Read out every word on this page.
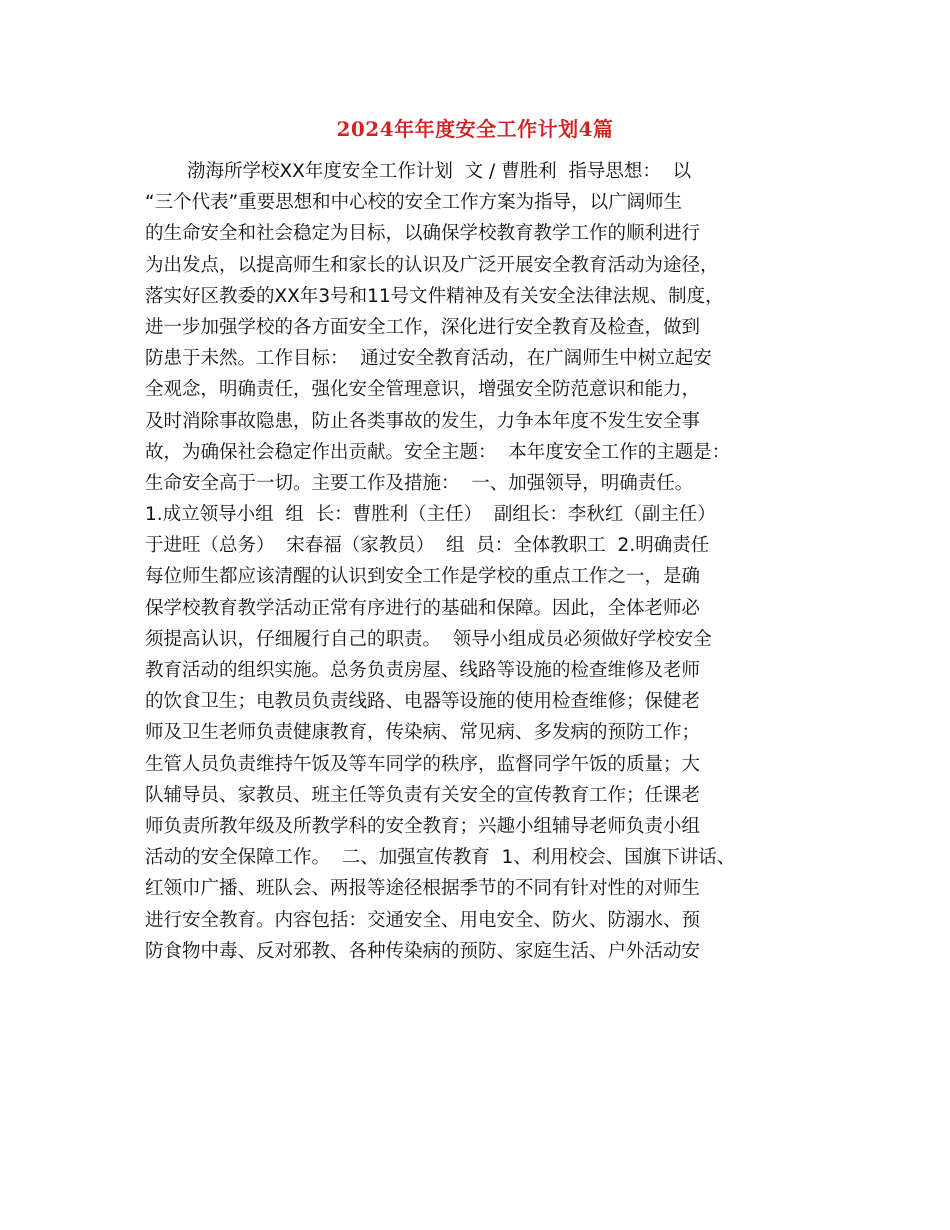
2024年年度安全工作计划4篇
渤海所学校XX年度安全工作计划  文 / 曹胜利  指导思想：  以
“三个代表”重要思想和中心校的安全工作方案为指导，以广阔师生
的生命安全和社会稳定为目标，以确保学校教育教学工作的顺利进行
为出发点，以提高师生和家长的认识及广泛开展安全教育活动为途径，
落实好区教委的XX年3号和11号文件精神及有关安全法律法规、制度，
进一步加强学校的各方面安全工作，深化进行安全教育及检查，做到
防患于未然。工作目标：  通过安全教育活动，在广阔师生中树立起安
全观念，明确责任，强化安全管理意识，增强安全防范意识和能力，
及时消除事故隐患，防止各类事故的发生，力争本年度不发生安全事
故，为确保社会稳定作出贡献。安全主题：  本年度安全工作的主题是：
生命安全高于一切。主要工作及措施：  一、加强领导，明确责任。
1.成立领导小组  组  长：曹胜利（主任）  副组长：李秋红（副主任）
于进旺（总务）  宋春福（家教员）  组  员：全体教职工  2.明确责任
每位师生都应该清醒的认识到安全工作是学校的重点工作之一，是确
保学校教育教学活动正常有序进行的基础和保障。因此，全体老师必
须提高认识，仔细履行自己的职责。  领导小组成员必须做好学校安全
教育活动的组织实施。总务负责房屋、线路等设施的检查维修及老师
的饮食卫生；电教员负责线路、电器等设施的使用检查维修；保健老
师及卫生老师负责健康教育，传染病、常见病、多发病的预防工作；
生管人员负责维持午饭及等车同学的秩序，监督同学午饭的质量；大
队辅导员、家教员、班主任等负责有关安全的宣传教育工作；任课老
师负责所教年级及所教学科的安全教育；兴趣小组辅导老师负责小组
活动的安全保障工作。  二、加强宣传教育  1、利用校会、国旗下讲话、
红领巾广播、班队会、两报等途径根据季节的不同有针对性的对师生
进行安全教育。内容包括：交通安全、用电安全、防火、防溺水、预
防食物中毒、反对邪教、各种传染病的预防、家庭生活、户外活动安
